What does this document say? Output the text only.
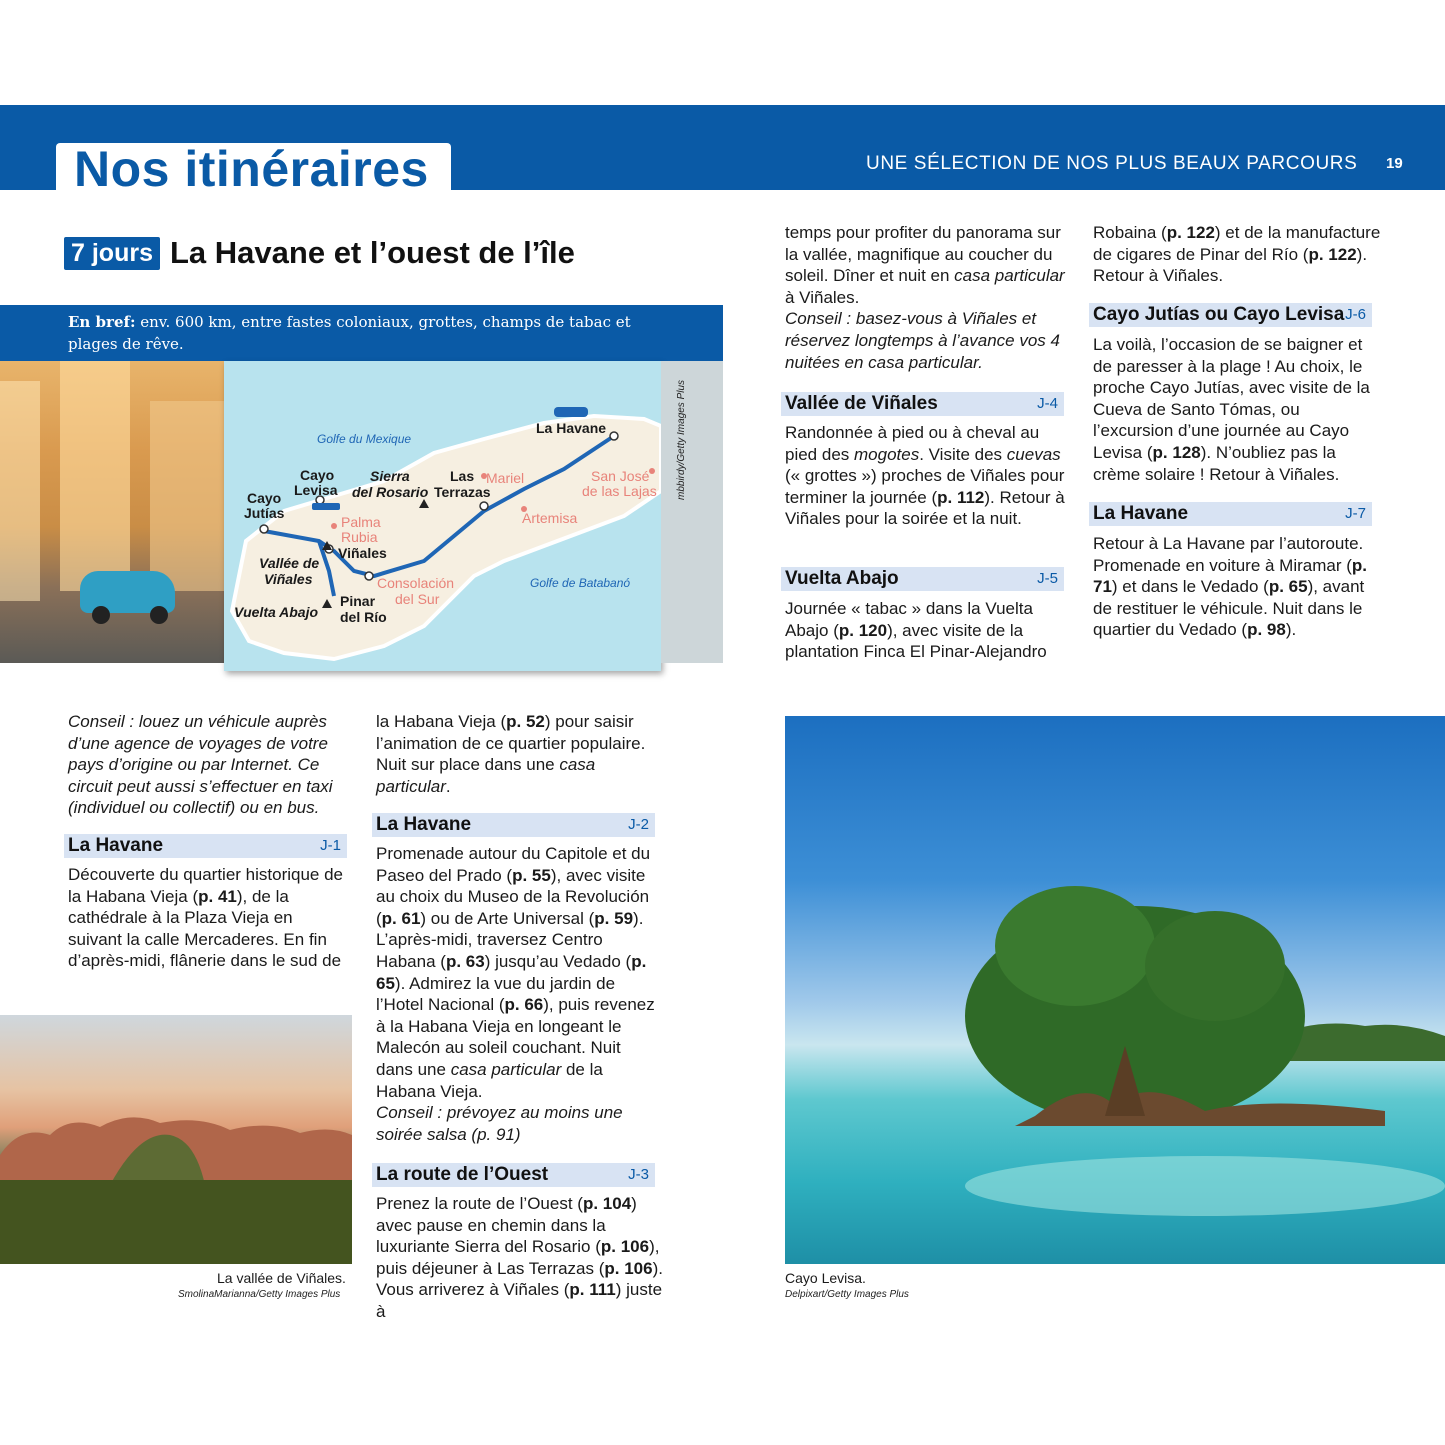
Nos itinéraires	UNE SÉLECTION DE NOS PLUS BEAUX PARCOURS 19
7 jours La Havane et l’ouest de l’île
En bref: env. 600 km, entre fastes coloniaux, grottes, champs de tabac et plages de rêve.
Golfe du Mexique
Golfe de Batabanó
La Havane
Cayo
Levisa
Cayo
Jutías
Sierra
del Rosario
Las
Terrazas
Mariel	San José
de las Lajas
Artemisa
Palma
Rubia
Viñales
Vallée de
Viñales	Consolación
del Sur
Pinar
del Río
Vuelta Abajo
mbbirdy/Getty Images Plus
Conseil : louez un véhicule auprès d’une agence de voyages de votre pays d’origine ou par Internet. Ce circuit peut aussi s’effectuer en taxi (individuel ou collectif) ou en bus.
La Havane	J-1
Découverte du quartier historique de la Habana Vieja (p. 41), de la cathédrale à la Plaza Vieja en suivant la calle Mercaderes. En fin d’après-midi, flânerie dans le sud de
La vallée de Viñales.
SmolinaMarianna/Getty Images Plus
la Habana Vieja (p. 52) pour saisir l’animation de ce quartier populaire. Nuit sur place dans une casa particular.
La Havane	J-2
Promenade autour du Capitole et du Paseo del Prado (p. 55), avec visite au choix du Museo de la Revolución (p. 61) ou de Arte Universal (p. 59). L’après-midi, traversez Centro Habana (p. 63) jusqu’au Vedado (p. 65). Admirez la vue du jardin de l’Hotel Nacional (p. 66), puis revenez à la Habana Vieja en longeant le Malecón au soleil couchant. Nuit dans une casa particular de la Habana Vieja.
Conseil : prévoyez au moins une soirée salsa (p. 91)
La route de l’Ouest	J-3
Prenez la route de l’Ouest (p. 104) avec pause en chemin dans la luxuriante Sierra del Rosario (p. 106), puis déjeuner à Las Terrazas (p. 106). Vous arriverez à Viñales (p. 111) juste à
temps pour profiter du panorama sur la vallée, magnifique au coucher du soleil. Dîner et nuit en casa particular à Viñales.
Conseil : basez-vous à Viñales et réservez longtemps à l’avance vos 4 nuitées en casa particular.
Vallée de Viñales	J-4
Randonnée à pied ou à cheval au pied des mogotes. Visite des cuevas (« grottes ») proches de Viñales pour terminer la journée (p. 112). Retour à Viñales pour la soirée et la nuit.
Vuelta Abajo	J-5
Journée « tabac » dans la Vuelta Abajo (p. 120), avec visite de la plantation Finca El Pinar-Alejandro
Robaina (p. 122) et de la manufacture de cigares de Pinar del Río (p. 122). Retour à Viñales.
Cayo Jutías ou Cayo Levisa J-6
La voilà, l’occasion de se baigner et de paresser à la plage ! Au choix, le proche Cayo Jutías, avec visite de la Cueva de Santo Tómas, ou l’excursion d’une journée au Cayo Levisa (p. 128). N’oubliez pas la crème solaire ! Retour à Viñales.
La Havane	J-7
Retour à La Havane par l’autoroute. Promenade en voiture à Miramar (p. 71) et dans le Vedado (p. 65), avant de restituer le véhicule. Nuit dans le quartier du Vedado (p. 98).
Cayo Levisa.
Delpixart/Getty Images Plus
